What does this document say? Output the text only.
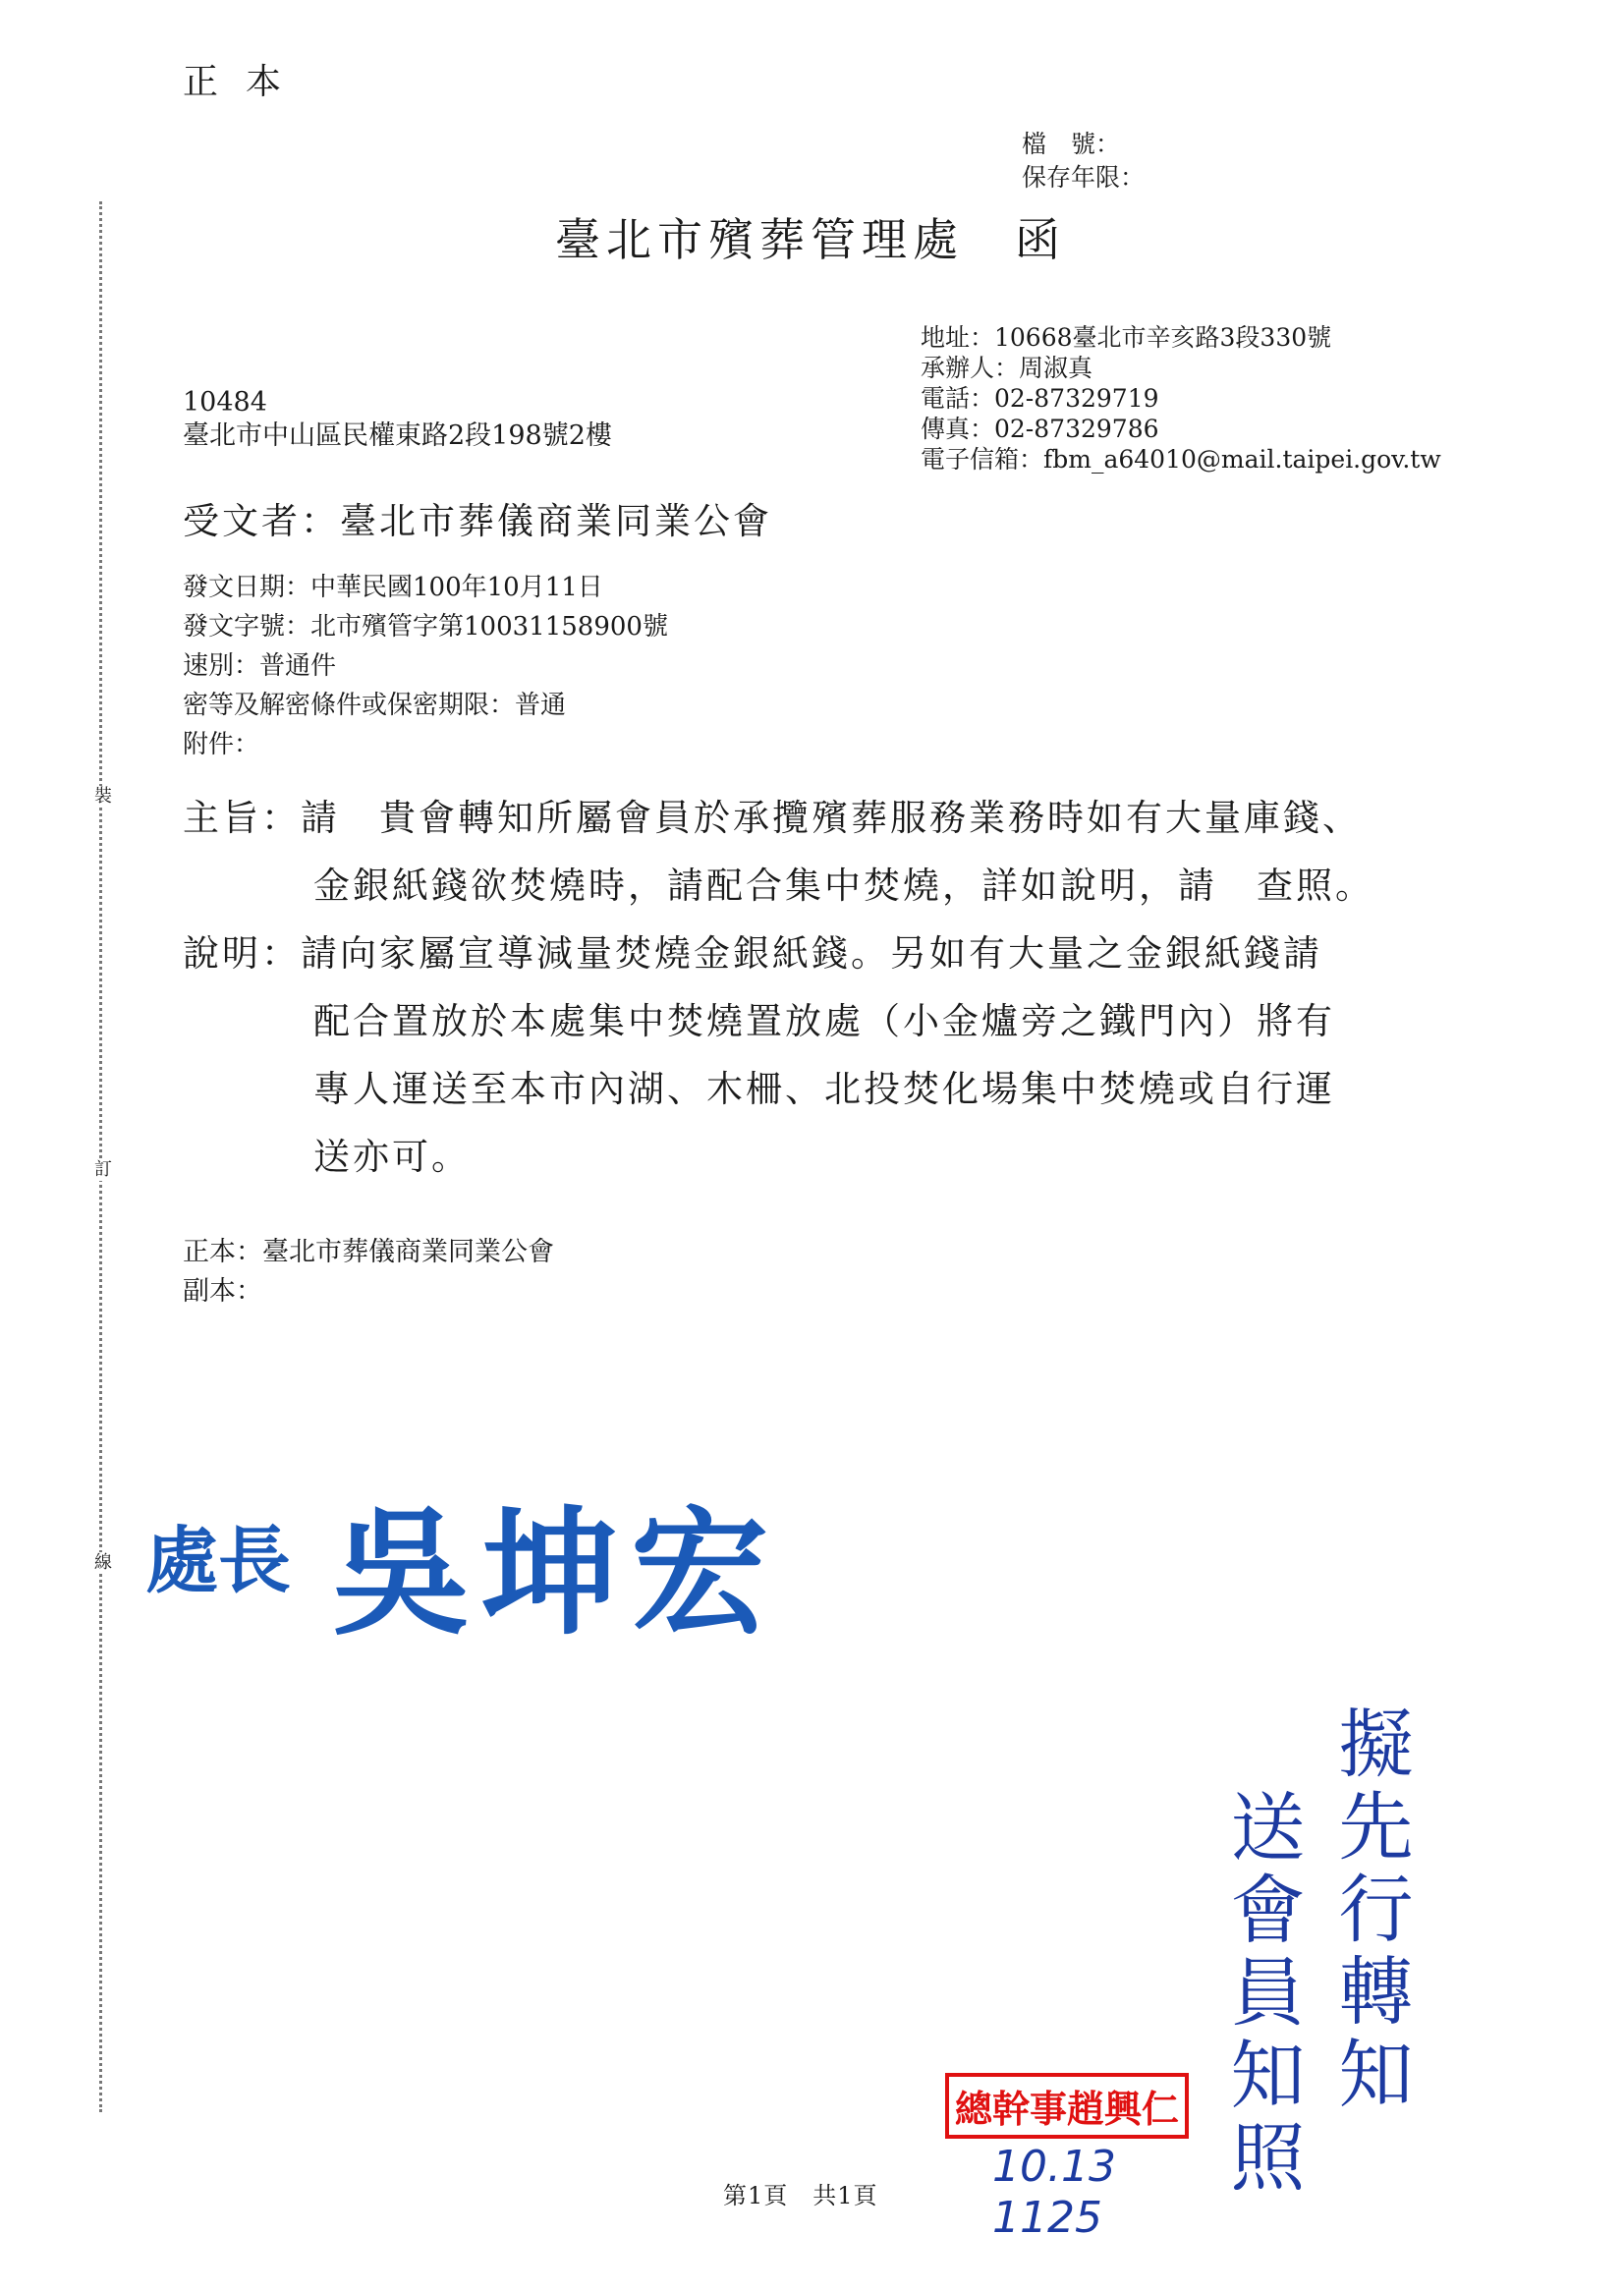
正本
檔　號：
保存年限：
臺北市殯葬管理處　函
地址：10668臺北市辛亥路3段330號
承辦人：周淑真
電話：02-87329719
傳真：02-87329786
電子信箱：fbm_a64010@mail.taipei.gov.tw
10484
臺北市中山區民權東路2段198號2樓
受文者：臺北市葬儀商業同業公會
發文日期：中華民國100年10月11日
發文字號：北市殯管字第10031158900號
速別：普通件
密等及解密條件或保密期限：普通
附件：
主旨：請　貴會轉知所屬會員於承攬殯葬服務業務時如有大量庫錢、
金銀紙錢欲焚燒時，請配合集中焚燒，詳如說明，請　查照。
說明：請向家屬宣導減量焚燒金銀紙錢。另如有大量之金銀紙錢請
配合置放於本處集中焚燒置放處（小金爐旁之鐵門內）將有
專人運送至本市內湖、木柵、北投焚化場集中焚燒或自行運
送亦可。
正本：臺北市葬儀商業同業公會
副本：
裝
訂
線 處長 吳坤宏
總幹事趙興仁 擬先行轉知
送會員知照
10.13
1125
第1頁　共1頁
